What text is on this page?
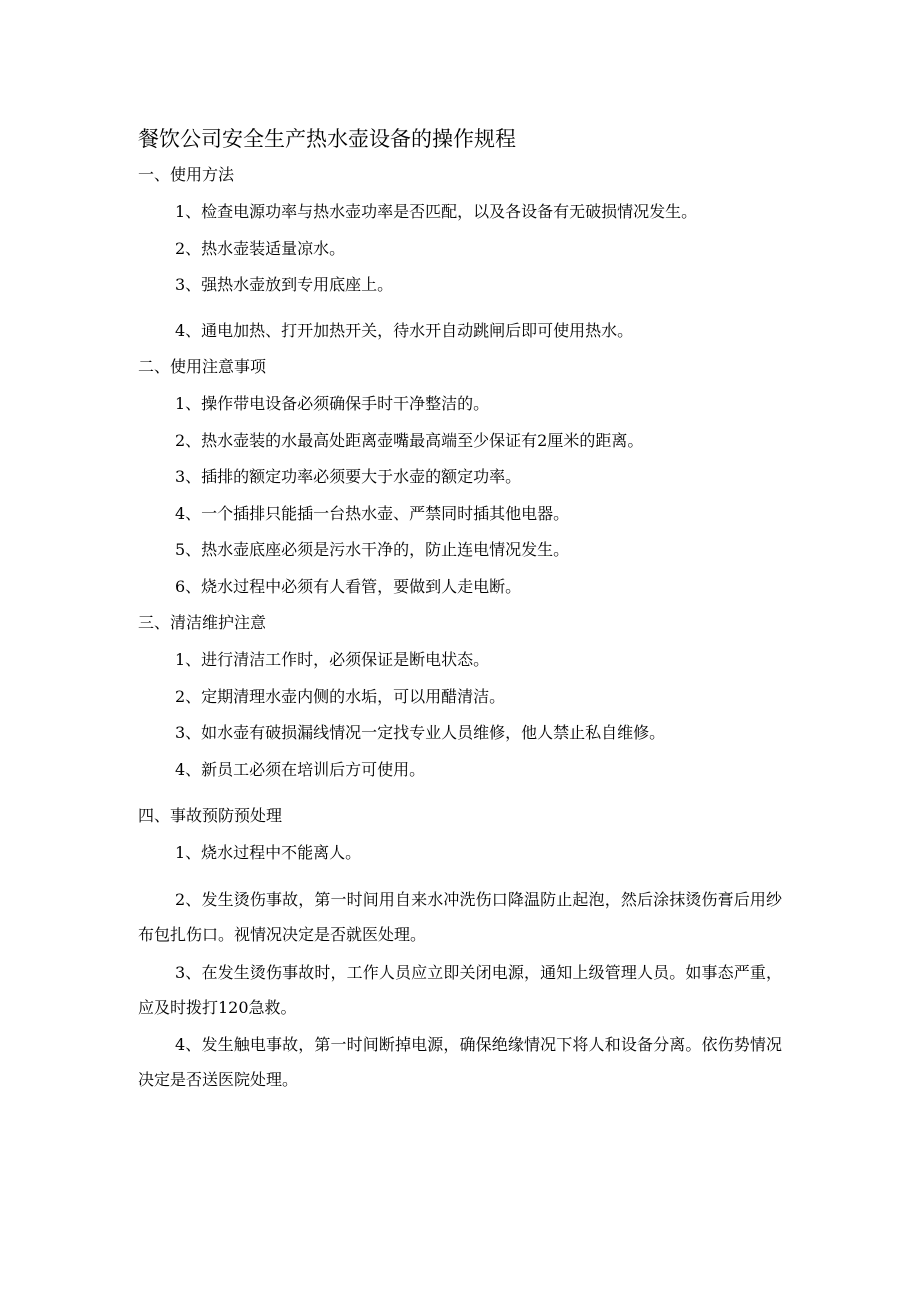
餐饮公司安全生产热水壶设备的操作规程
一、使用方法
1、检查电源功率与热水壶功率是否匹配，以及各设备有无破损情况发生。
2、热水壶装适量凉水。
3、强热水壶放到专用底座上。
4、通电加热、打开加热开关，待水开自动跳闸后即可使用热水。
二、使用注意事项
1、操作带电设备必须确保手时干净整洁的。
2、热水壶装的水最高处距离壶嘴最高端至少保证有2厘米的距离。
3、插排的额定功率必须要大于水壶的额定功率。
4、一个插排只能插一台热水壶、严禁同时插其他电器。
5、热水壶底座必须是污水干净的，防止连电情况发生。
6、烧水过程中必须有人看管，要做到人走电断。
三、清洁维护注意
1、进行清洁工作时，必须保证是断电状态。
2、定期清理水壶内侧的水垢，可以用醋清洁。
3、如水壶有破损漏线情况一定找专业人员维修，他人禁止私自维修。
4、新员工必须在培训后方可使用。
四、事故预防预处理
1、烧水过程中不能离人。
2、发生烫伤事故，第一时间用自来水冲洗伤口降温防止起泡，然后涂抹烫伤膏后用纱布包扎伤口。视情况决定是否就医处理。
3、在发生烫伤事故时，工作人员应立即关闭电源，通知上级管理人员。如事态严重，应及时拨打120急救。
4、发生触电事故，第一时间断掉电源，确保绝缘情况下将人和设备分离。依伤势情况决定是否送医院处理。
